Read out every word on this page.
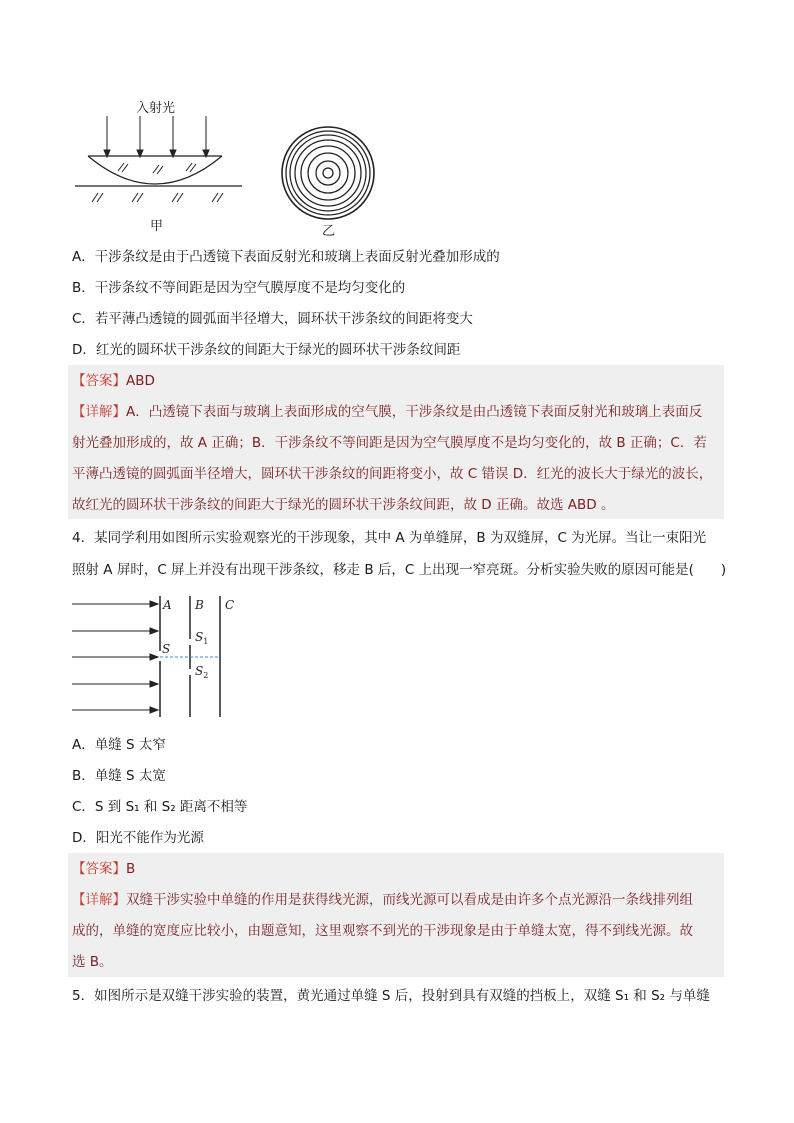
入射光
甲	乙
A．干涉条纹是由于凸透镜下表面反射光和玻璃上表面反射光叠加形成的
B．干涉条纹不等间距是因为空气膜厚度不是均匀变化的
C．若平薄凸透镜的圆弧面半径增大，圆环状干涉条纹的间距将变大
D．红光的圆环状干涉条纹的间距大于绿光的圆环状干涉条纹间距
【答案】ABD
【详解】A．凸透镜下表面与玻璃上表面形成的空气膜，干涉条纹是由凸透镜下表面反射光和玻璃上表面反
射光叠加形成的，故 A 正确；B．干涉条纹不等间距是因为空气膜厚度不是均匀变化的，故 B 正确；C．若
平薄凸透镜的圆弧面半径增大，圆环状干涉条纹的间距将变小，故 C 错误 D．红光的波长大于绿光的波长，
故红光的圆环状干涉条纹的间距大于绿光的圆环状干涉条纹间距，故 D 正确。故选 ABD 。
4．某同学利用如图所示实验观察光的干涉现象，其中 A 为单缝屏，B 为双缝屏，C 为光屏。当让一束阳光
照射 A 屏时，C 屏上并没有出现干涉条纹，移走 B 后，C 上出现一窄亮斑。分析实验失败的原因可能是(　　)
A B C
S
$S_1$
$S_2$
A．单缝 S 太窄
B．单缝 S 太宽
C．S 到 S₁ 和 S₂ 距离不相等
D．阳光不能作为光源
【答案】B
【详解】双缝干涉实验中单缝的作用是获得线光源，而线光源可以看成是由许多个点光源沿一条线排列组
成的，单缝的宽度应比较小，由题意知，这里观察不到光的干涉现象是由于单缝太宽，得不到线光源。故
选 B。
5．如图所示是双缝干涉实验的装置，黄光通过单缝 S 后，投射到具有双缝的挡板上，双缝 S₁ 和 S₂ 与单缝
